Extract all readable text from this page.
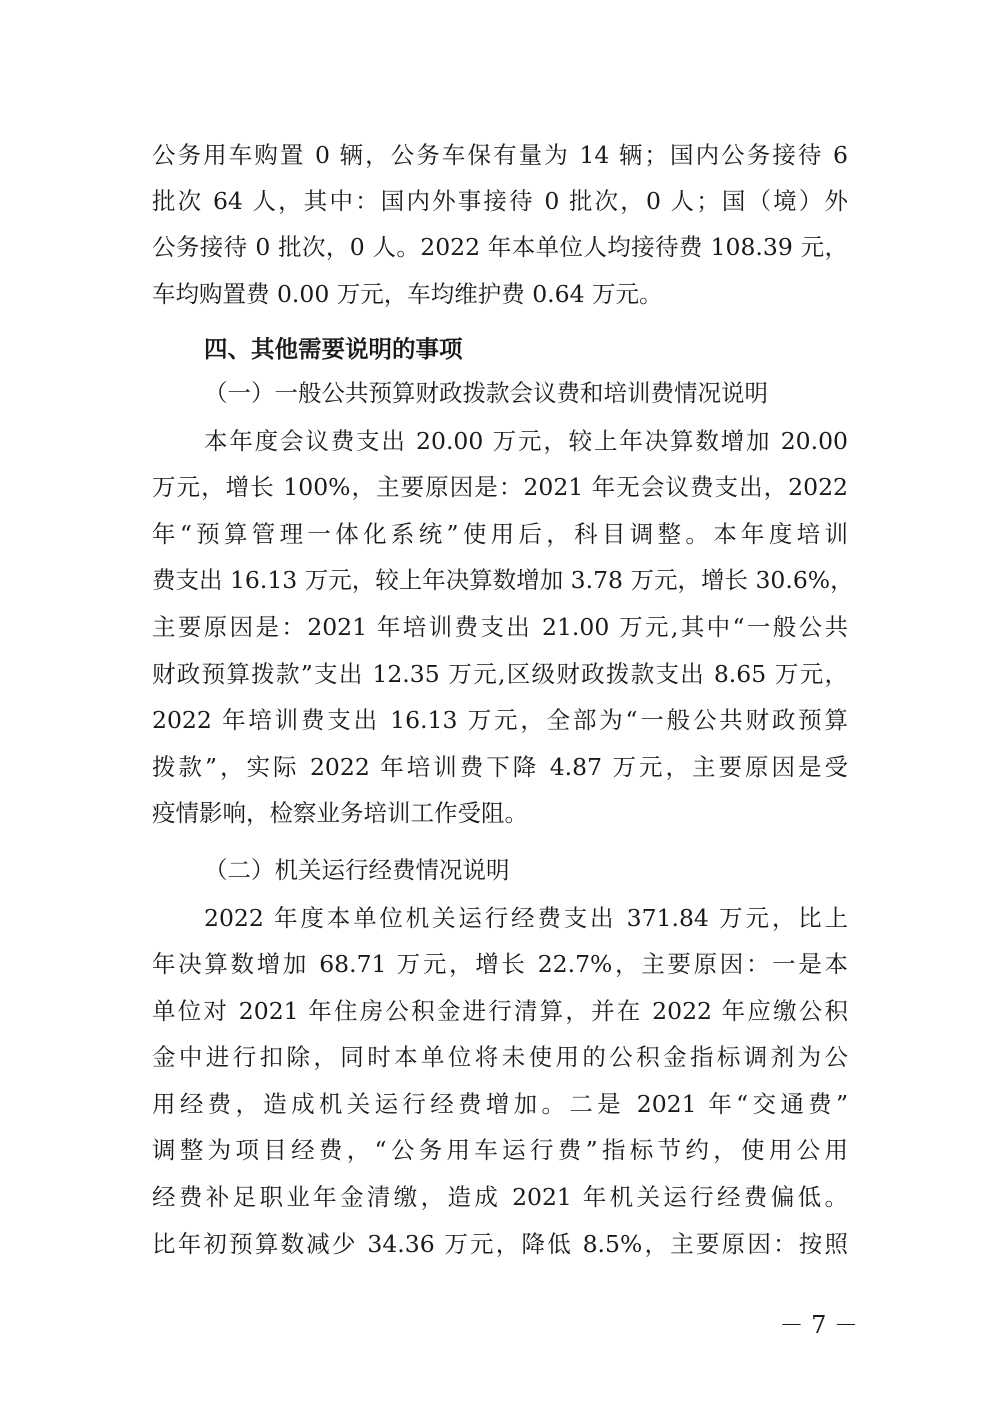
公务用车购置 0 辆，公务车保有量为 14 辆；国内公务接待 6
批次 64 人，其中：国内外事接待 0 批次，0 人；国（境）外
公务接待 0 批次，0 人。2022 年本单位人均接待费 108.39 元，
车均购置费 0.00 万元，车均维护费 0.64 万元。
四、其他需要说明的事项
（一）一般公共预算财政拨款会议费和培训费情况说明
本年度会议费支出 20.00 万元，较上年决算数增加 20.00
万元，增长 100%，主要原因是：2021 年无会议费支出，2022
年“预算管理一体化系统”使用后，科目调整。本年度培训
费支出 16.13 万元，较上年决算数增加 3.78 万元，增长 30.6%，
主要原因是：2021 年培训费支出 21.00 万元,其中“一般公共
财政预算拨款”支出 12.35 万元,区级财政拨款支出 8.65 万元，
2022 年培训费支出 16.13 万元，全部为“一般公共财政预算
拨款”，实际 2022 年培训费下降 4.87 万元，主要原因是受
疫情影响，检察业务培训工作受阻。
（二）机关运行经费情况说明
2022 年度本单位机关运行经费支出 371.84 万元，比上
年决算数增加 68.71 万元，增长 22.7%，主要原因：一是本
单位对 2021 年住房公积金进行清算，并在 2022 年应缴公积
金中进行扣除，同时本单位将未使用的公积金指标调剂为公
用经费，造成机关运行经费增加。二是 2021 年“交通费”
调整为项目经费，“公务用车运行费”指标节约，使用公用
经费补足职业年金清缴，造成 2021 年机关运行经费偏低。
比年初预算数减少 34.36 万元，降低 8.5%，主要原因：按照
－ 7 －
